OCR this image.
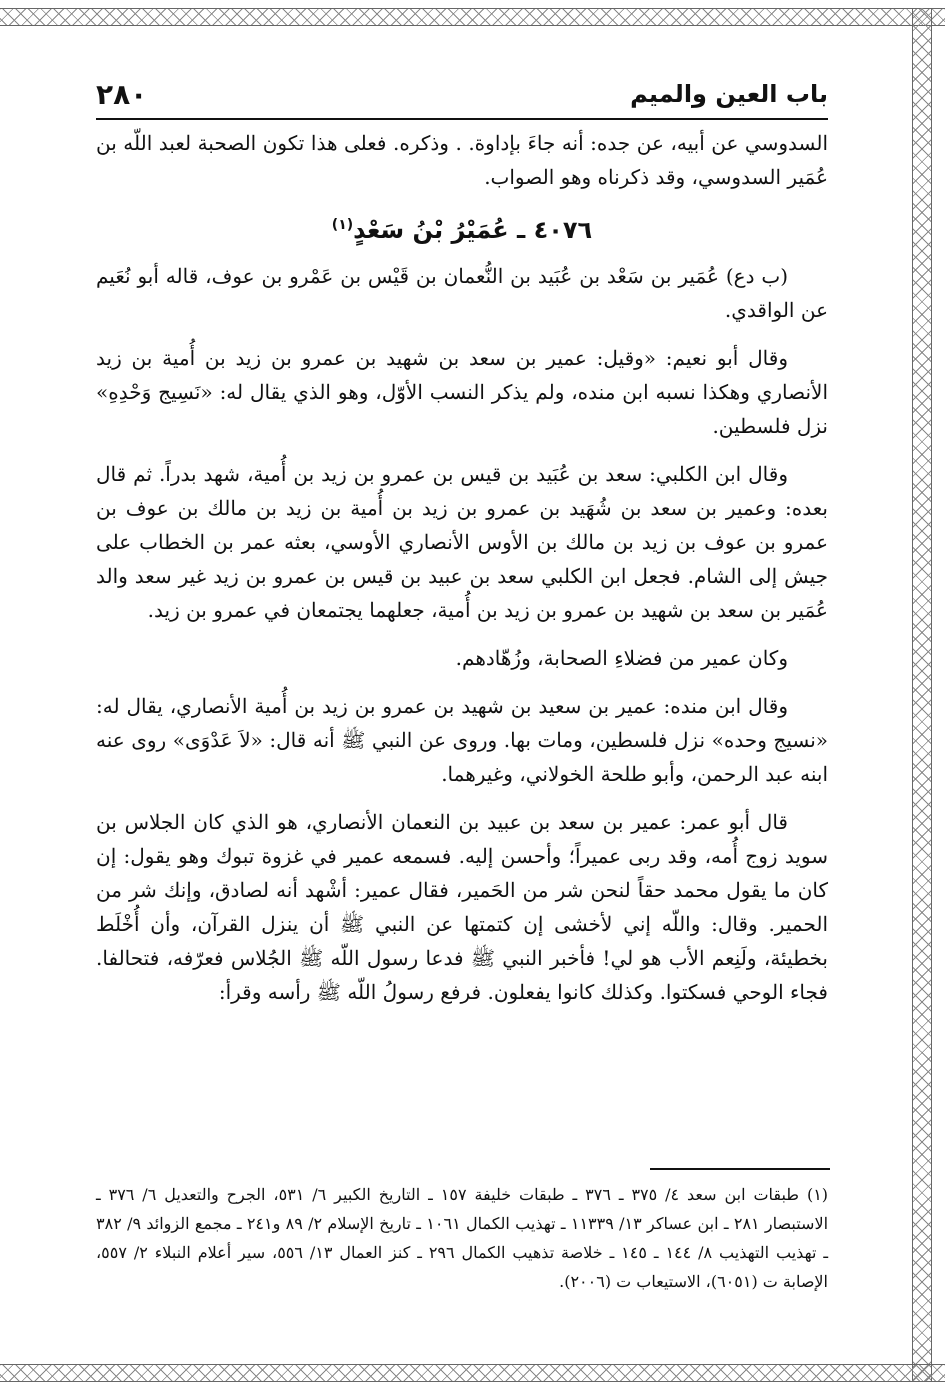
٢٨٠	باب العين والميم

السدوسي عن أبيه، عن جده: أنه جاءَ بإداوة. . وذكره. فعلى هذا تكون الصحبة لعبد اللّه بن عُمَير السدوسي، وقد ذكرناه وهو الصواب.

٤٠٧٦ ـ عُمَيْرُ بْنُ سَعْدٍ$^{(١)}$

(ب دع) عُمَير بن سَعْد بن عُبَيد بن النُّعمان بن قَيْس بن عَمْرو بن عوف، قاله أبو نُعَيم عن الواقدي.

وقال أبو نعيم: «وقيل: عمير بن سعد بن شهيد بن عمرو بن زيد بن أُمية بن زيد الأنصاري وهكذا نسبه ابن منده، ولم يذكر النسب الأوّل، وهو الذي يقال له: «نَسِيج وَحْدِهِ» نزل فلسطين.

وقال ابن الكلبي: سعد بن عُبَيد بن قيس بن عمرو بن زيد بن أُمية، شهد بدراً. ثم قال بعده: وعمير بن سعد بن شُهَيد بن عمرو بن زيد بن أُمية بن زيد بن مالك بن عوف بن عمرو بن عوف بن زيد بن مالك بن الأوس الأنصاري الأوسي، بعثه عمر بن الخطاب على جيش إلى الشام. فجعل ابن الكلبي سعد بن عبيد بن قيس بن عمرو بن زيد غير سعد والد عُمَير بن سعد بن شهيد بن عمرو بن زيد بن أُمية، جعلهما يجتمعان في عمرو بن زيد.

وكان عمير من فضلاءِ الصحابة، وزُهّادهم.

وقال ابن منده: عمير بن سعيد بن شهيد بن عمرو بن زيد بن أُمية الأنصاري، يقال له: «نسيج وحده» نزل فلسطين، ومات بها. وروى عن النبي ﷺ أنه قال: «لاَ عَدْوَى» روى عنه ابنه عبد الرحمن، وأبو طلحة الخولاني، وغيرهما.

قال أبو عمر: عمير بن سعد بن عبيد بن النعمان الأنصاري، هو الذي كان الجلاس بن سويد زوج أُمه، وقد ربى عميراً؛ وأحسن إليه. فسمعه عمير في غزوة تبوك وهو يقول: إن كان ما يقول محمد حقاً لنحن شر من الحَمير، فقال عمير: أشْهد أنه لصادق، وإنك شر من الحمير. وقال: واللّه إني لأخشى إن كتمتها عن النبي ﷺ أن ينزل القرآن، وأن أُخْلَط بخطيئة، ولَنِعم الأب هو لي! فأخبر النبي ﷺ فدعا رسول اللّه ﷺ الجُلاس فعرّفه، فتحالفا. فجاء الوحي فسكتوا. وكذلك كانوا يفعلون. فرفع رسولُ اللّه ﷺ رأسه وقرأ:

(١) طبقات ابن سعد ٤/ ٣٧٥ ـ ٣٧٦ ـ طبقات خليفة ١٥٧ ـ التاريخ الكبير ٦/ ٥٣١، الجرح والتعديل ٦/ ٣٧٦ ـ الاستبصار ٢٨١ ـ ابن عساكر ١٣/ ١١٣٣٩ ـ تهذيب الكمال ١٠٦١ ـ تاريخ الإسلام ٢/ ٨٩ و٢٤١ ـ مجمع الزوائد ٩/ ٣٨٢ ـ تهذيب التهذيب ٨/ ١٤٤ ـ ١٤٥ ـ خلاصة تذهيب الكمال ٢٩٦ ـ كنز العمال ١٣/ ٥٥٦، سير أعلام النبلاء ٢/ ٥٥٧، الإصابة ت (٦٠٥١)، الاستيعاب ت (٢٠٠٦).
